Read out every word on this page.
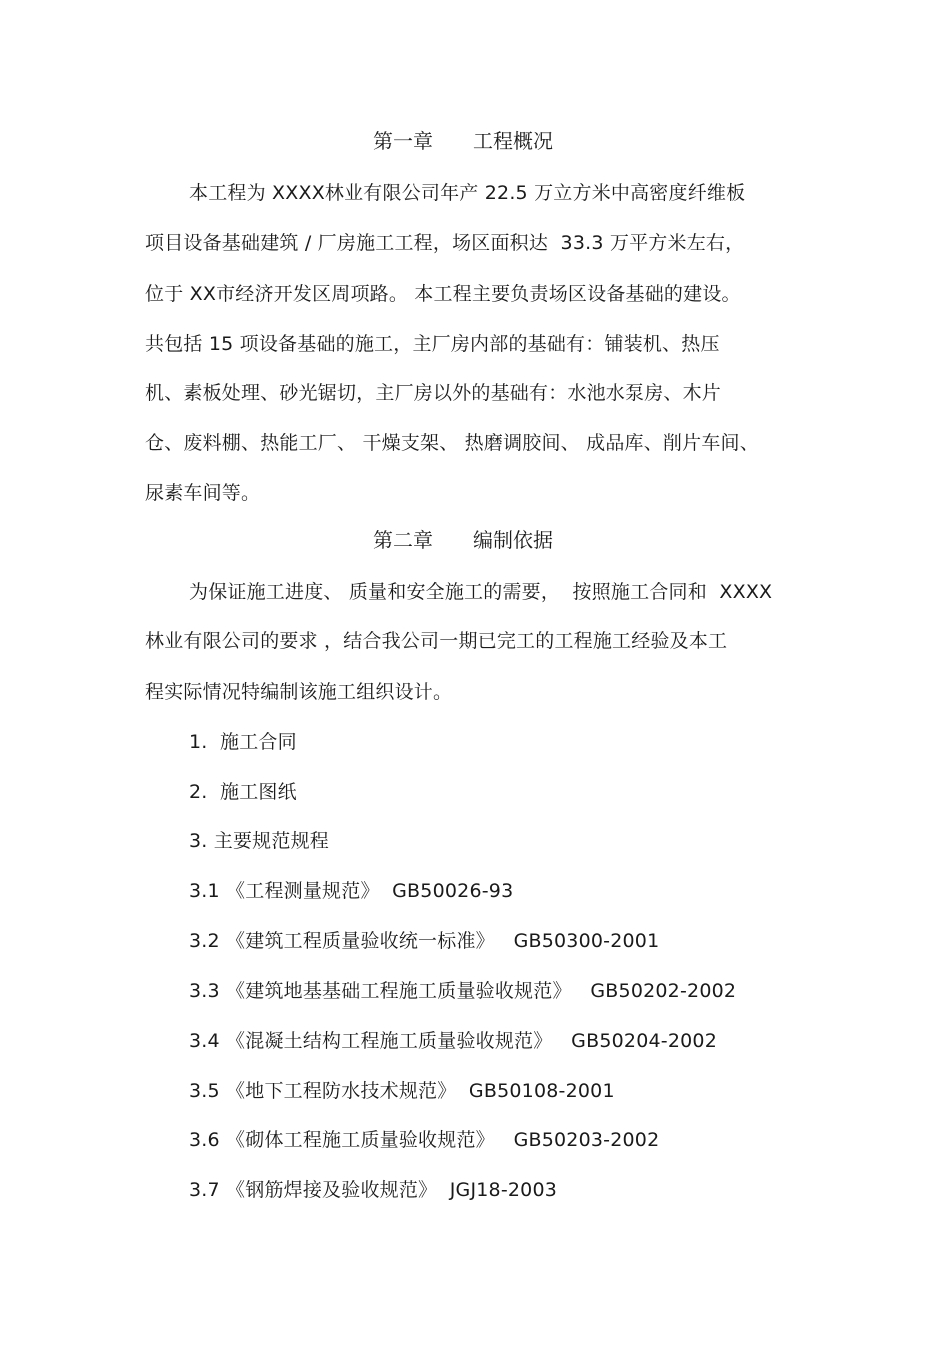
第一章　　工程概况
本工程为 XXXX林业有限公司年产 22.5 万立方米中高密度纤维板
项目设备基础建筑 / 厂房施工工程，场区面积达  33.3 万平方米左右，
位于 XX市经济开发区周项路。 本工程主要负责场区设备基础的建设。
共包括 15 项设备基础的施工，主厂房内部的基础有：铺装机、热压
机、素板处理、砂光锯切，主厂房以外的基础有：水池水泵房、木片
仓、废料棚、热能工厂、 干燥支架、 热磨调胶间、 成品库、削片车间、
尿素车间等。
第二章　　编制依据
为保证施工进度、 质量和安全施工的需要，  按照施工合同和  XXXX
林业有限公司的要求 ，结合我公司一期已完工的工程施工经验及本工
程实际情况特编制该施工组织设计。
1.  施工合同
2.  施工图纸
3. 主要规范规程
3.1 《工程测量规范》  GB50026-93
3.2 《建筑工程质量验收统一标准》   GB50300-2001
3.3 《建筑地基基础工程施工质量验收规范》   GB50202-2002
3.4 《混凝土结构工程施工质量验收规范》   GB50204-2002
3.5 《地下工程防水技术规范》  GB50108-2001
3.6 《砌体工程施工质量验收规范》   GB50203-2002
3.7 《钢筋焊接及验收规范》  JGJ18-2003
